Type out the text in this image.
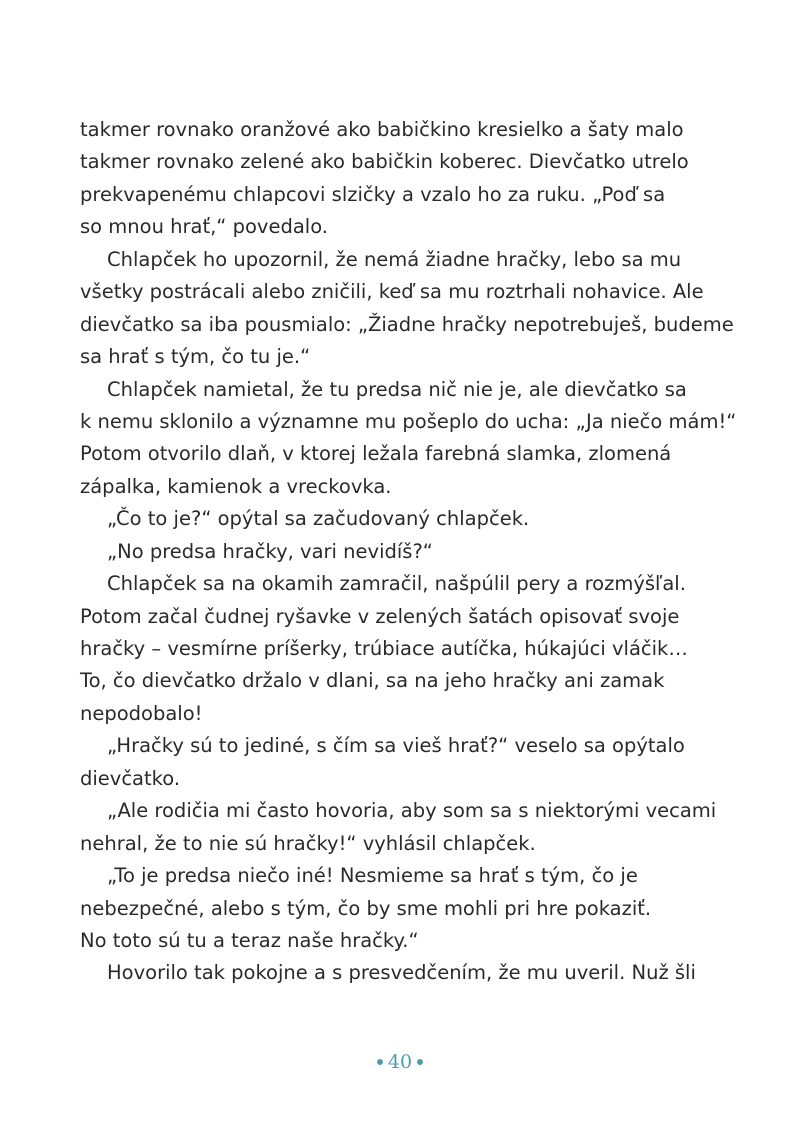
takmer rovnako oranžové ako babičkino kresielko a šaty malo
takmer rovnako zelené ako babičkin koberec. Dievčatko utrelo
prekvapenému chlapcovi slzičky a vzalo ho za ruku. „Poď sa
so mnou hrať,“ povedalo.
Chlapček ho upozornil, že nemá žiadne hračky, lebo sa mu
všetky postrácali alebo zničili, keď sa mu roztrhali nohavice. Ale
dievčatko sa iba pousmialo: „Žiadne hračky nepotrebuješ, budeme
sa hrať s tým, čo tu je.“
Chlapček namietal, že tu predsa nič nie je, ale dievčatko sa
k nemu sklonilo a významne mu pošeplo do ucha: „Ja niečo mám!“
Potom otvorilo dlaň, v ktorej ležala farebná slamka, zlomená
zápalka, kamienok a vreckovka.
„Čo to je?“ opýtal sa začudovaný chlapček.
„No predsa hračky, vari nevidíš?“
Chlapček sa na okamih zamračil, našpúlil pery a rozmýšľal.
Potom začal čudnej ryšavke v zelených šatách opisovať svoje
hračky – vesmírne príšerky, trúbiace autíčka, húkajúci vláčik…
To, čo dievčatko držalo v dlani, sa na jeho hračky ani zamak
nepodobalo!
„Hračky sú to jediné, s čím sa vieš hrať?“ veselo sa opýtalo
dievčatko.
„Ale rodičia mi často hovoria, aby som sa s niektorými vecami
nehral, že to nie sú hračky!“ vyhlásil chlapček.
„To je predsa niečo iné! Nesmieme sa hrať s tým, čo je
nebezpečné, alebo s tým, čo by sme mohli pri hre pokaziť.
No toto sú tu a teraz naše hračky.“
Hovorilo tak pokojne a s presvedčením, že mu uveril. Nuž šli
40
